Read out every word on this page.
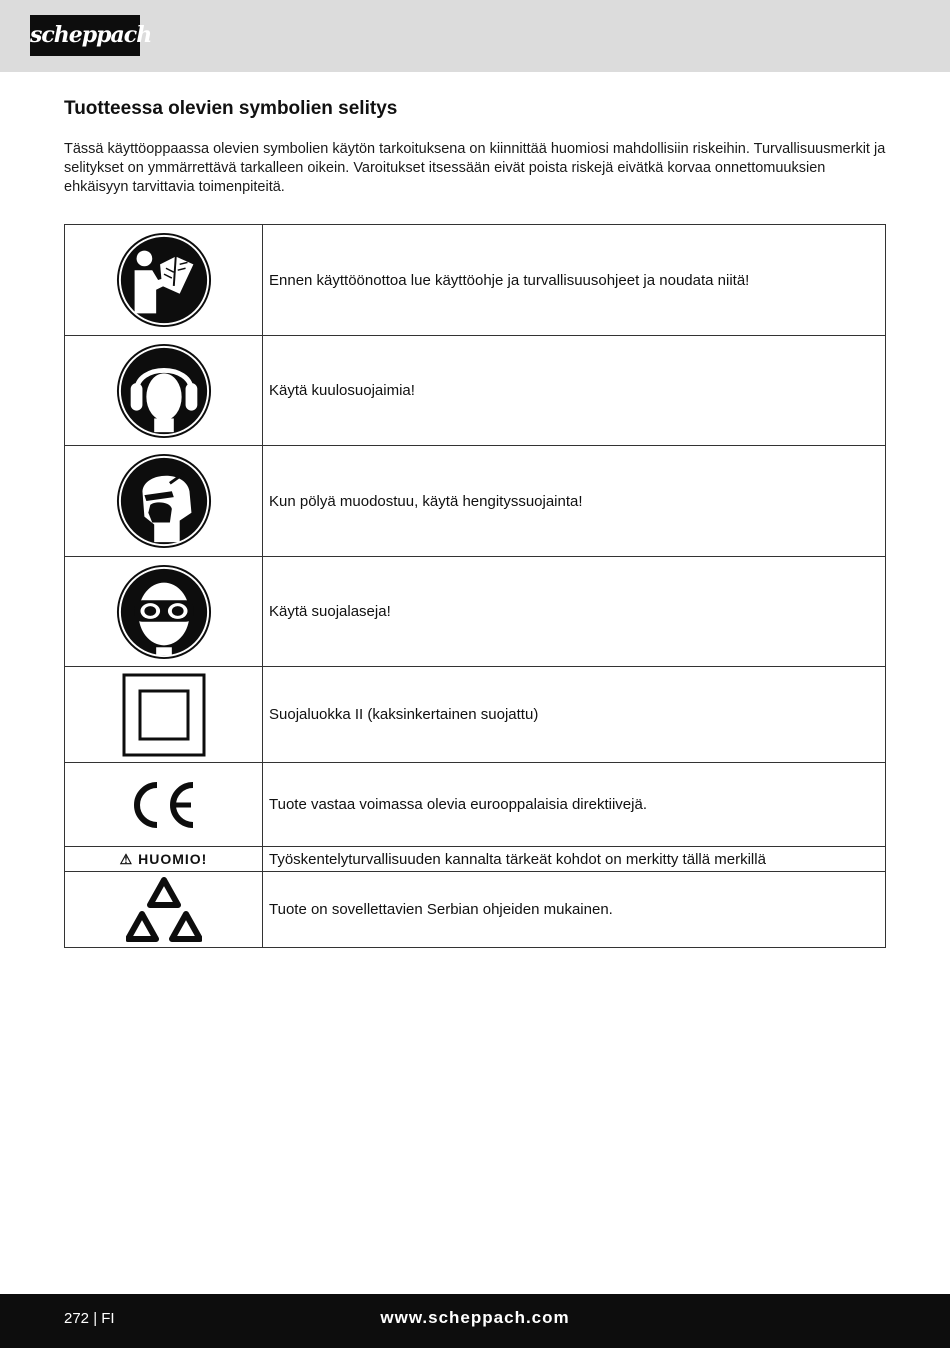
scheppach
Tuotteessa olevien symbolien selitys
Tässä käyttöoppaassa olevien symbolien käytön tarkoituksena on kiinnittää huomiosi mahdollisiin riskeihin. Turvallisuusmerkit ja selitykset on ymmärrettävä tarkalleen oikein. Varoitukset itsessään eivät poista riskejä eivätkä korvaa onnettomuuksien ehkäisyyn tarvittavia toimenpiteitä.
	Ennen käyttöönottoa lue käyttöohje ja turvallisuusohjeet ja noudata niitä!

	Käytä kuulosuojaimia!

	Kun pölyä muodostuu, käytä hengityssuojainta!

	Käytä suojalaseja!

	Suojaluokka II (kaksinkertainen suojattu)

	Tuote vastaa voimassa olevia eurooppalaisia direktiivejä.
⚠ HUOMIO!	Työskentelyturvallisuuden kannalta tärkeät kohdot on merkitty tällä merkillä

	Tuote on sovellettavien Serbian ohjeiden mukainen.
272 | FI	www.scheppach.com
